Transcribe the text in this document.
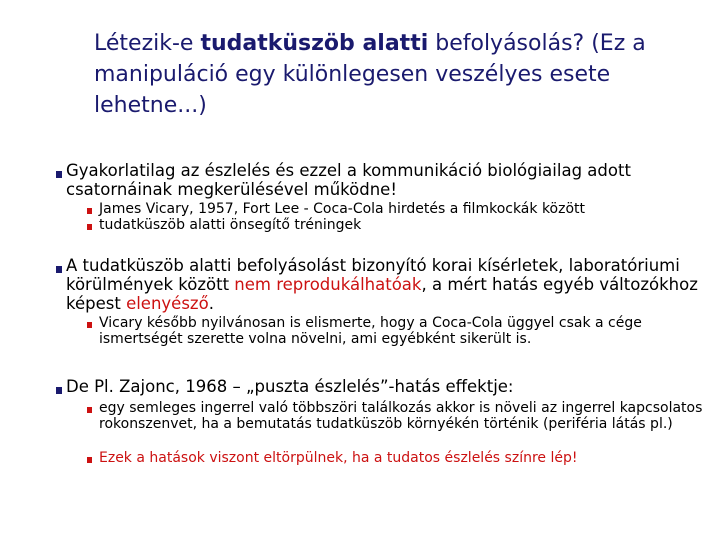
Létezik-e tudatküszöb alatti befolyásolás? (Ez a manipuláció egy különlegesen veszélyes esete lehetne...)

Gyakorlatilag az észlelés és ezzel a kommunikáció biológiailag adott csatornáinak megkerülésével működne!

James Vicary, 1957, Fort Lee - Coca-Cola hirdetés a filmkockák között

tudatküszöb alatti önsegítő tréningek

A tudatküszöb alatti befolyásolást bizonyító korai kísérletek, laboratóriumi körülmények között nem reprodukálhatóak, a mért hatás egyéb változókhoz képest elenyésző.

Vicary később nyilvánosan is elismerte, hogy a Coca-Cola üggyel csak a cége ismertségét szerette volna növelni, ami egyébként sikerült is.

De Pl. Zajonc, 1968 – „puszta észlelés”-hatás effektje:

egy semleges ingerrel való többszöri találkozás akkor is növeli az ingerrel kapcsolatos rokonszenvet, ha a bemutatás tudatküszöb környékén történik (periféria látás pl.)

Ezek a hatások viszont eltörpülnek, ha a tudatos észlelés színre lép!
